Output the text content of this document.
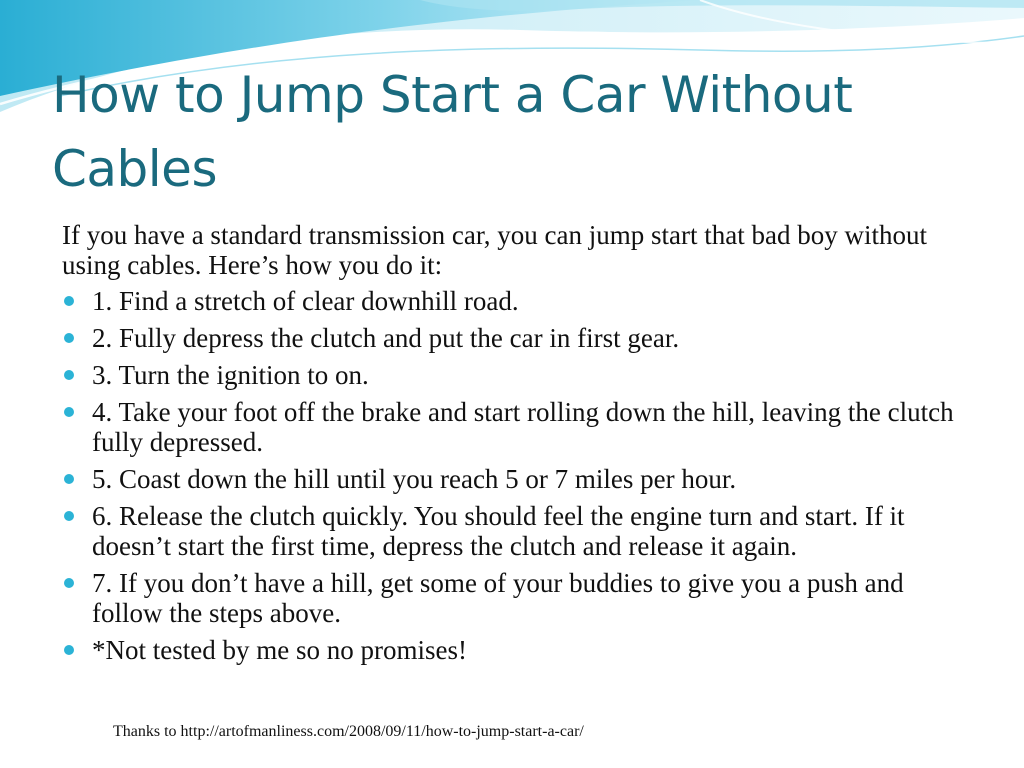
How to Jump Start a Car Without Cables

If you have a standard transmission car, you can jump start that bad boy without using cables. Here’s how you do it:

1. Find a stretch of clear downhill road.
2. Fully depress the clutch and put the car in first gear.
3. Turn the ignition to on.
4. Take your foot off the brake and start rolling down the hill, leaving the clutch fully depressed.
5. Coast down the hill until you reach 5 or 7 miles per hour.
6. Release the clutch quickly. You should feel the engine turn and start. If it doesn’t start the first time, depress the clutch and release it again.
7. If you don’t have a hill, get some of your buddies to give you a push and follow the steps above.
*Not tested by me so no promises!
Thanks to http://artofmanliness.com/2008/09/11/how-to-jump-start-a-car/
